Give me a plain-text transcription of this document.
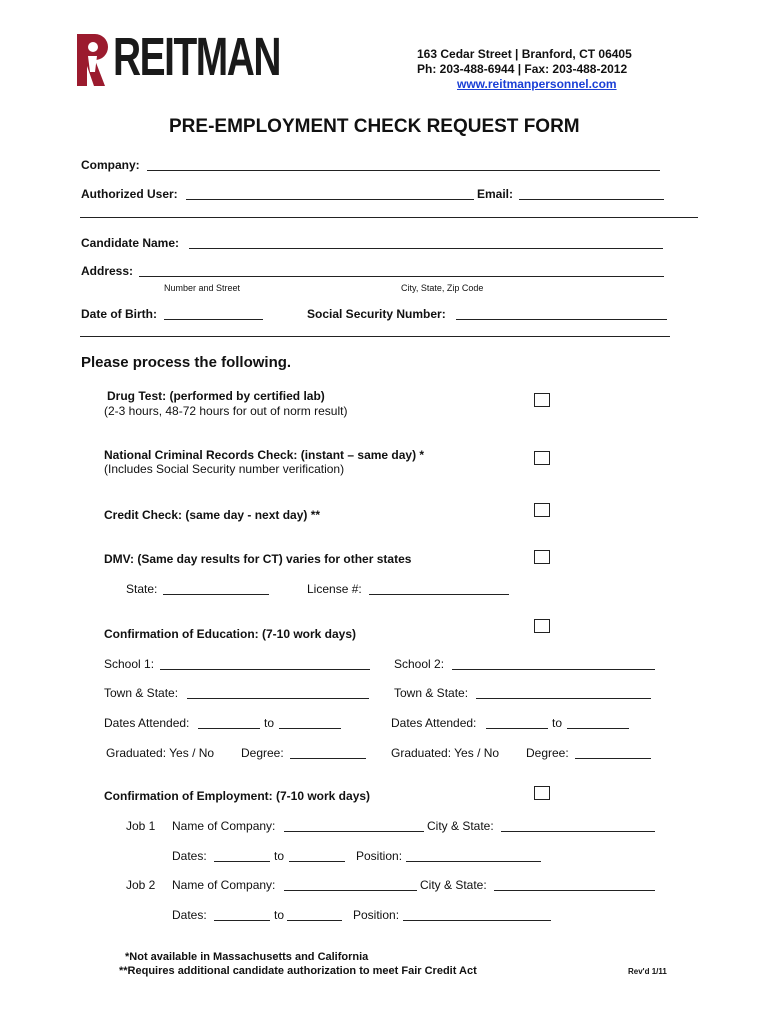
REITMAN	163 Cedar Street | Branford, CT 06405
Ph: 203-488-6944 | Fax: 203-488-2012
www.reitmanpersonnel.com
PRE-EMPLOYMENT CHECK REQUEST FORM
Company:
Authorized User:	Email:
Candidate Name:
Address:
Number and Street	City, State, Zip Code
Date of Birth:	Social Security Number:
Please process the following.
Drug Test: (performed by certified lab)
(2-3 hours, 48-72 hours for out of norm result)
National Criminal Records Check: (instant – same day) *
(Includes Social Security number verification)
Credit Check: (same day - next day) **
DMV: (Same day results for CT) varies for other states
State:	License #:
Confirmation of Education: (7-10 work days)
School 1:	School 2:
Town & State:	Town & State:
Dates Attended:	to	Dates Attended:	to
Graduated: Yes / No Degree:	Graduated: Yes / No Degree:
Confirmation of Employment: (7-10 work days)
Job 1 Name of Company:	City & State:
Dates:	to	Position:
Job 2 Name of Company:	City & State:
Dates:	to	Position:
*Not available in Massachusetts and California
**Requires additional candidate authorization to meet Fair Credit Act	Rev'd 1/11
